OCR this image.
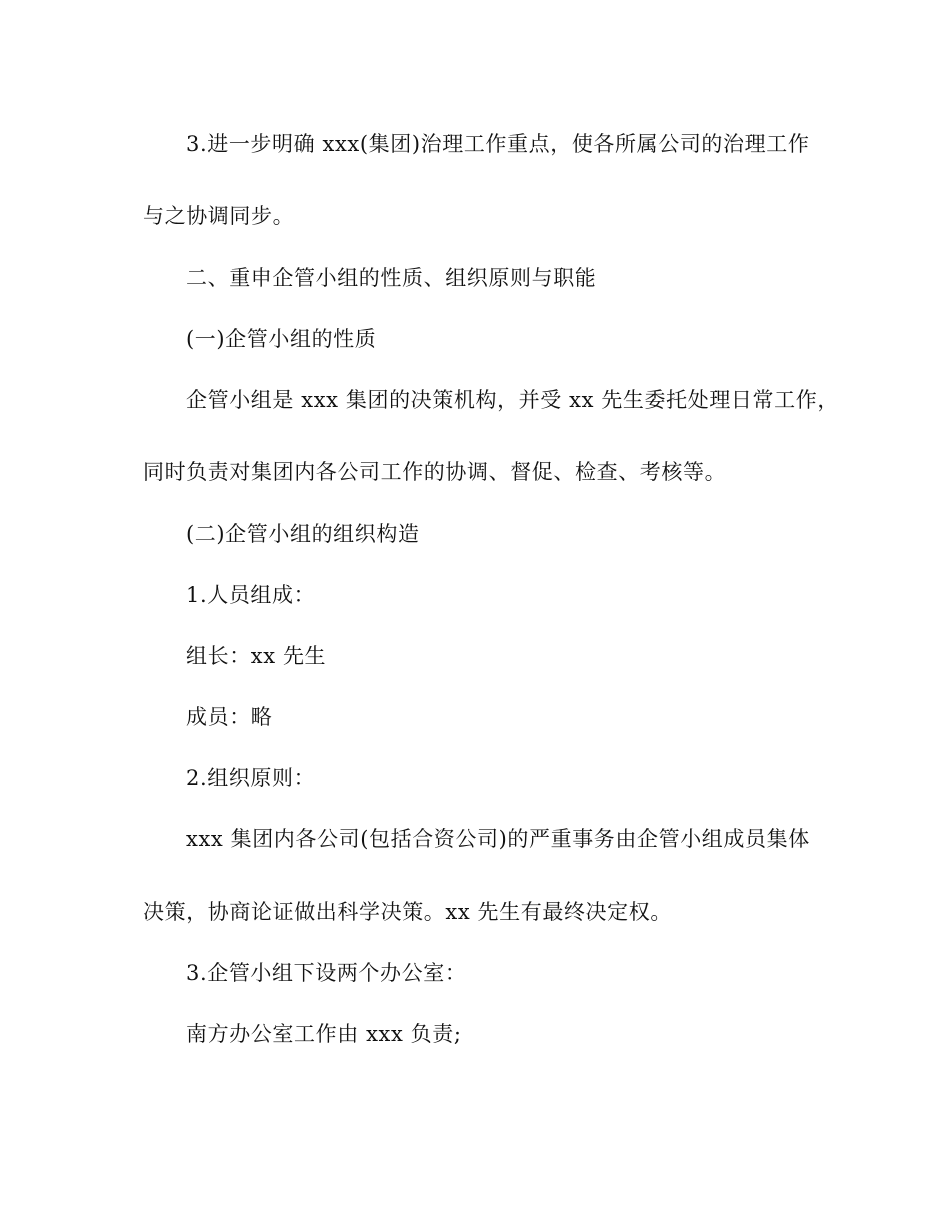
3.进一步明确 xxx(集团)治理工作重点，使各所属公司的治理工作

与之协调同步。

二、重申企管小组的性质、组织原则与职能

(一)企管小组的性质

企管小组是 xxx 集团的决策机构，并受 xx 先生委托处理日常工作，

同时负责对集团内各公司工作的协调、督促、检查、考核等。

(二)企管小组的组织构造

1.人员组成：

组长：xx 先生

成员：略

2.组织原则：

xxx 集团内各公司(包括合资公司)的严重事务由企管小组成员集体

决策，协商论证做出科学决策。xx 先生有最终决定权。

3.企管小组下设两个办公室：

南方办公室工作由 xxx 负责;
